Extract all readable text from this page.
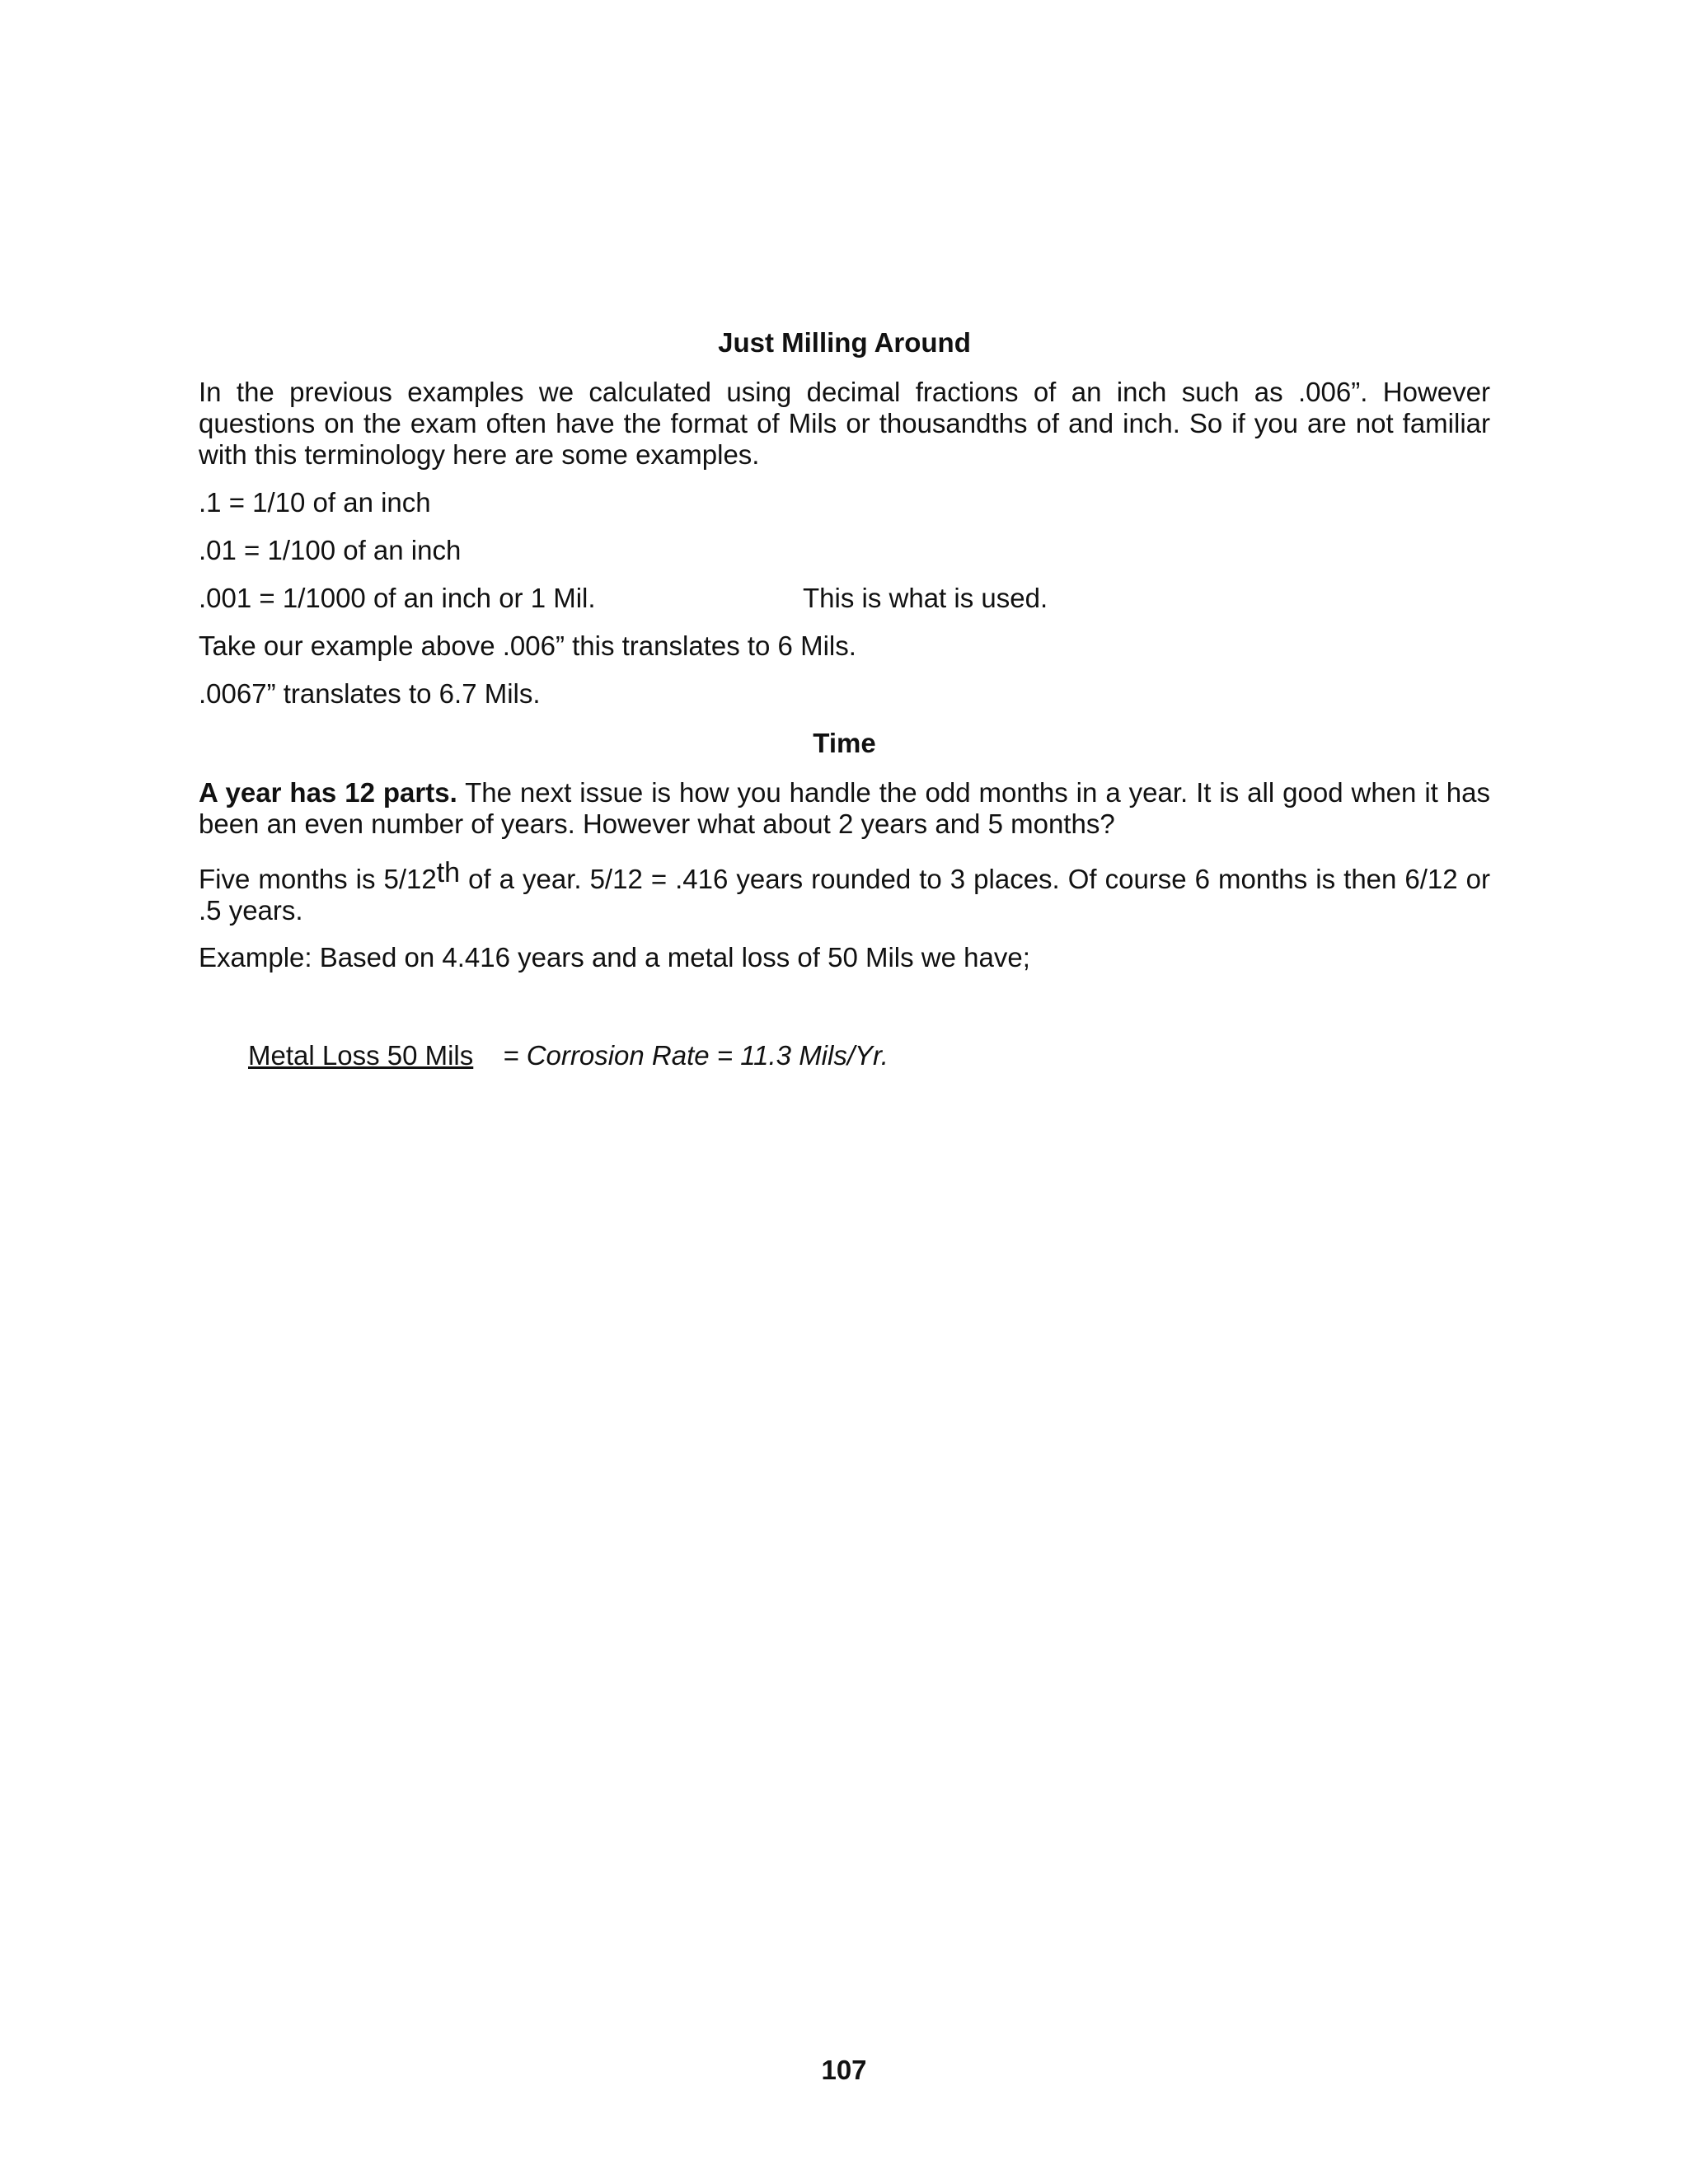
Just Milling Around

In the previous examples we calculated using decimal fractions of an inch such as .006”. However questions on the exam often have the format of Mils or thousandths of and inch. So if you are not familiar with this terminology here are some examples.

.1 = 1/10 of an inch

.01 = 1/100 of an inch

.001 = 1/1000 of an inch or 1 Mil.	This is what is used.

Take our example above .006” this translates to 6 Mils.

.0067” translates to 6.7 Mils.

Time

A year has 12 parts. The next issue is how you handle the odd months in a year. It is all good when it has been an even number of years. However what about 2 years and 5 months?

Five months is 5/12th of a year. 5/12 = .416 years rounded to 3 places. Of course 6 months is then 6/12 or .5 years.

Example: Based on 4.416 years and a metal loss of 50 Mils we have;

Metal Loss 50 Mils = Corrosion Rate = 11.3 Mils/Yr.
107
